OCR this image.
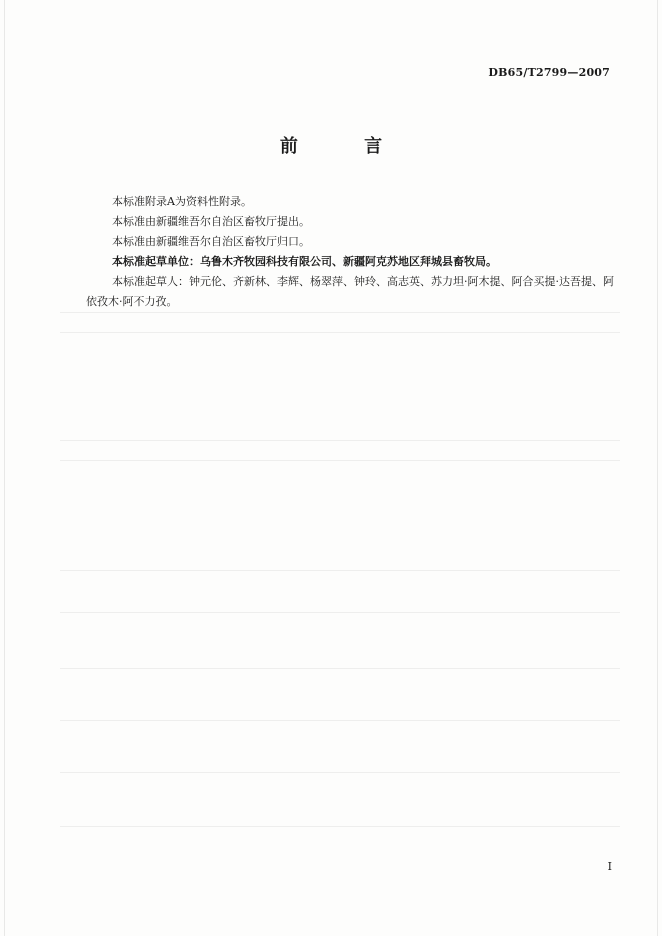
DB65/T2799—2007
前 言

本标准附录A为资料性附录。

本标准由新疆维吾尔自治区畜牧厅提出。

本标准由新疆维吾尔自治区畜牧厅归口。

本标准起草单位：乌鲁木齐牧园科技有限公司、新疆阿克苏地区拜城县畜牧局。

本标准起草人：钟元伦、齐新林、李辉、杨翠萍、钟玲、高志英、苏力坦·阿木提、阿合买提·达吾提、阿依孜木·阿不力孜。

I
